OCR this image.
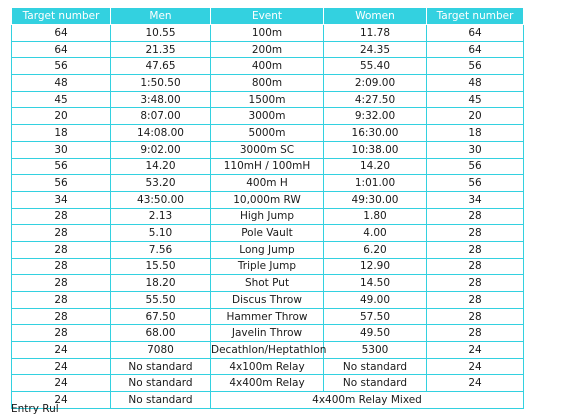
Target number	Men	Event	Women	Target number
64	10.55	100m	11.78	64
64	21.35	200m	24.35	64
56	47.65	400m	55.40	56
48	1:50.50	800m	2:09.00	48
45	3:48.00	1500m	4:27.50	45
20	8:07.00	3000m	9:32.00	20
18	14:08.00	5000m	16:30.00	18
30	9:02.00	3000m SC	10:38.00	30
56	14.20	110mH / 100mH	14.20	56
56	53.20	400m H	1:01.00	56
34	43:50.00	10,000m RW	49:30.00	34
28	2.13	High Jump	1.80	28
28	5.10	Pole Vault	4.00	28
28	7.56	Long Jump	6.20	28
28	15.50	Triple Jump	12.90	28
28	18.20	Shot Put	14.50	28
28	55.50	Discus Throw	49.00	28
28	67.50	Hammer Throw	57.50	28
28	68.00	Javelin Throw	49.50	28
24	7080	Decathlon/Heptathlon	5300	24
24	No standard	4x100m Relay	No standard	24
24	No standard	4x400m Relay	No standard	24
24	No standard	4x400m Relay Mixed		
Entry Rul
